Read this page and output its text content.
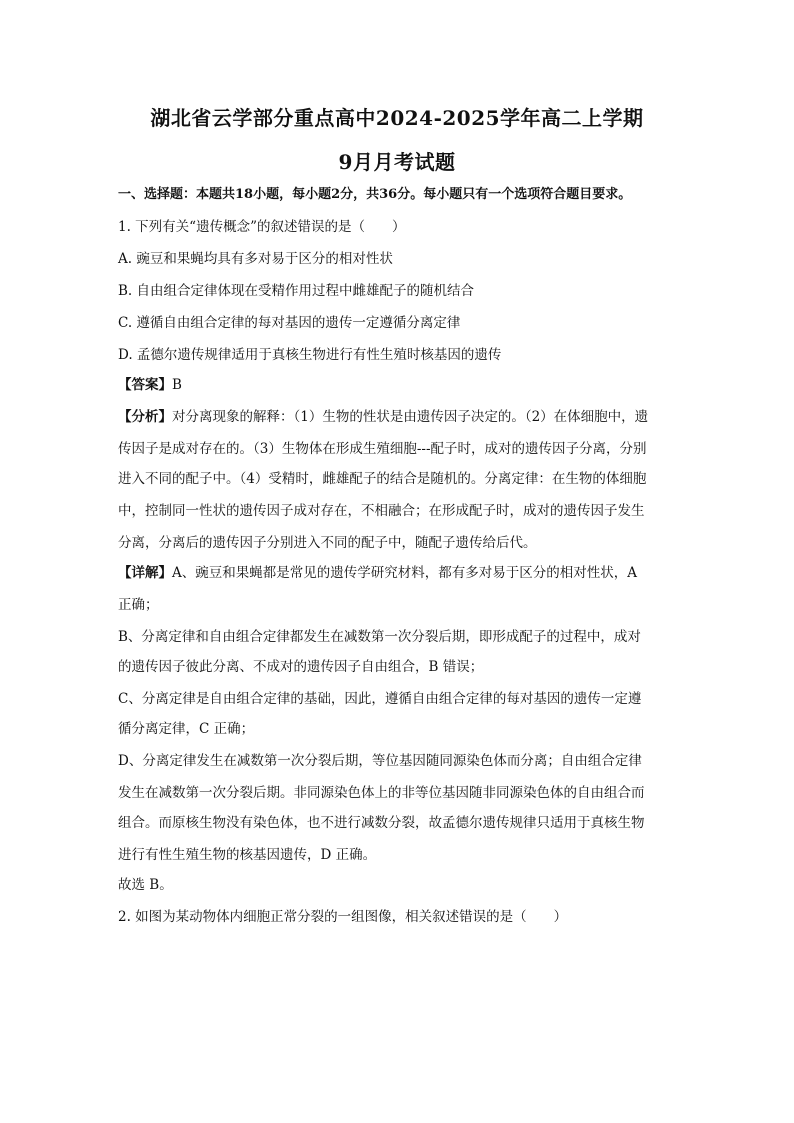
湖北省云学部分重点高中2024-2025学年高二上学期
9月月考试题
一、选择题：本题共18小题，每小题2分，共36分。每小题只有一个选项符合题目要求。
1. 下列有关“遗传概念”的叙述错误的是（　　）
A. 豌豆和果蝇均具有多对易于区分的相对性状
B. 自由组合定律体现在受精作用过程中雌雄配子的随机结合
C. 遵循自由组合定律的每对基因的遗传一定遵循分离定律
D. 孟德尔遗传规律适用于真核生物进行有性生殖时核基因的遗传
【答案】B
【分析】对分离现象的解释：（1）生物的性状是由遗传因子决定的。（2）在体细胞中，遗
传因子是成对存在的。（3）生物体在形成生殖细胞---配子时，成对的遗传因子分离，分别
进入不同的配子中。（4）受精时，雌雄配子的结合是随机的。分离定律：在生物的体细胞
中，控制同一性状的遗传因子成对存在，不相融合；在形成配子时，成对的遗传因子发生
分离，分离后的遗传因子分别进入不同的配子中，随配子遗传给后代。
【详解】A、豌豆和果蝇都是常见的遗传学研究材料，都有多对易于区分的相对性状，A
正确；
B、分离定律和自由组合定律都发生在减数第一次分裂后期，即形成配子的过程中，成对
的遗传因子彼此分离、不成对的遗传因子自由组合，B 错误；
C、分离定律是自由组合定律的基础，因此，遵循自由组合定律的每对基因的遗传一定遵
循分离定律，C 正确；
D、分离定律发生在减数第一次分裂后期，等位基因随同源染色体而分离；自由组合定律
发生在减数第一次分裂后期。非同源染色体上的非等位基因随非同源染色体的自由组合而
组合。而原核生物没有染色体，也不进行减数分裂，故孟德尔遗传规律只适用于真核生物
进行有性生殖生物的核基因遗传，D 正确。
故选 B。
2. 如图为某动物体内细胞正常分裂的一组图像，相关叙述错误的是（　　）
